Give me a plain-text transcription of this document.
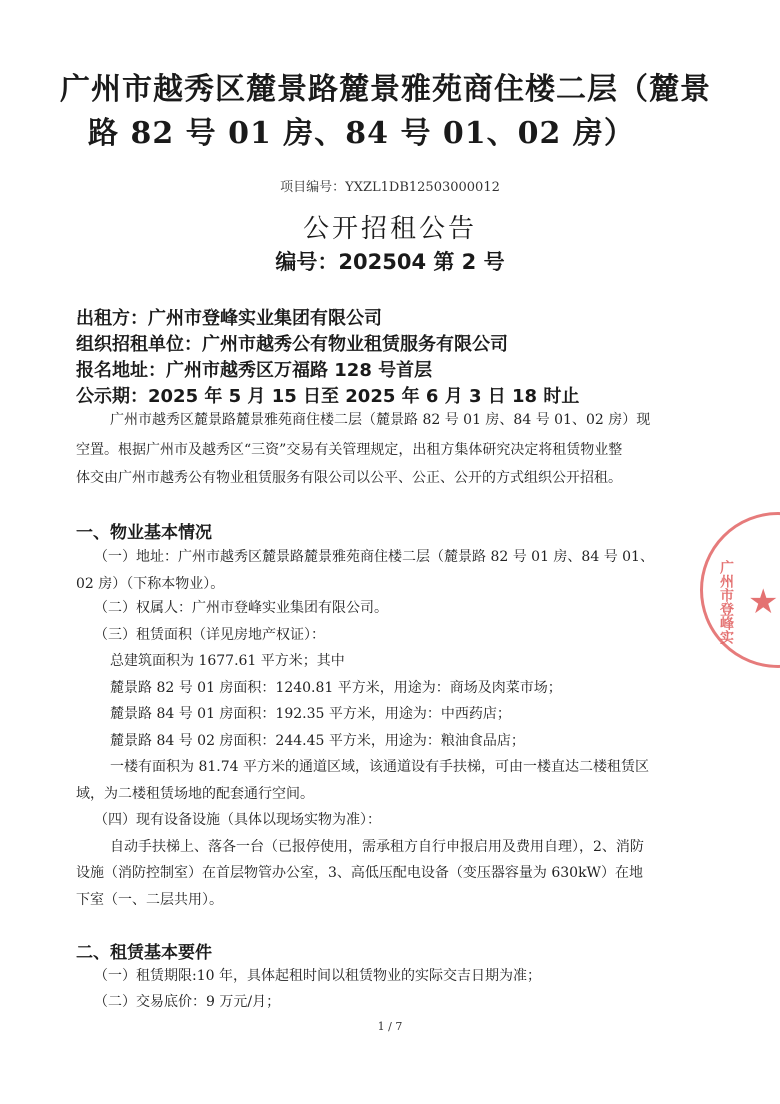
广州市越秀区麓景路麓景雅苑商住楼二层（麓景
路 82 号 01 房、84 号 01、02 房）
项目编号：YXZL1DB12503000012
公开招租公告
编号：202504 第 2 号
出租方：广州市登峰实业集团有限公司
组织招租单位：广州市越秀公有物业租赁服务有限公司
报名地址：广州市越秀区万福路 128 号首层
公示期：2025 年 5 月 15 日至 2025 年 6 月 3 日 18 时止
广州市越秀区麓景路麓景雅苑商住楼二层（麓景路 82 号 01 房、84 号 01、02 房）现
空置。根据广州市及越秀区“三资”交易有关管理规定，出租方集体研究决定将租赁物业整
体交由广州市越秀公有物业租赁服务有限公司以公平、公正、公开的方式组织公开招租。
一、物业基本情况
（一）地址：广州市越秀区麓景路麓景雅苑商住楼二层（麓景路 82 号 01 房、84 号 01、
02 房）（下称本物业）。
（二）权属人：广州市登峰实业集团有限公司。
（三）租赁面积（详见房地产权证）：
总建筑面积为 1677.61 平方米；其中
麓景路 82 号 01 房面积：1240.81 平方米，用途为：商场及肉菜市场；
麓景路 84 号 01 房面积：192.35 平方米，用途为：中西药店；
麓景路 84 号 02 房面积：244.45 平方米，用途为：粮油食品店；
一楼有面积为 81.74 平方米的通道区域，该通道设有手扶梯，可由一楼直达二楼租赁区
域，为二楼租赁场地的配套通行空间。
（四）现有设备设施（具体以现场实物为准）：
自动手扶梯上、落各一台（已报停使用，需承租方自行申报启用及费用自理），2、消防
设施（消防控制室）在首层物管办公室，3、高低压配电设备（变压器容量为 630kW）在地
下室（一、二层共用）。
二、租赁基本要件
（一）租赁期限:10 年，具体起租时间以租赁物业的实际交吉日期为准；
（二）交易底价：9 万元/月；
1 / 7
广州市登峰实 ★
